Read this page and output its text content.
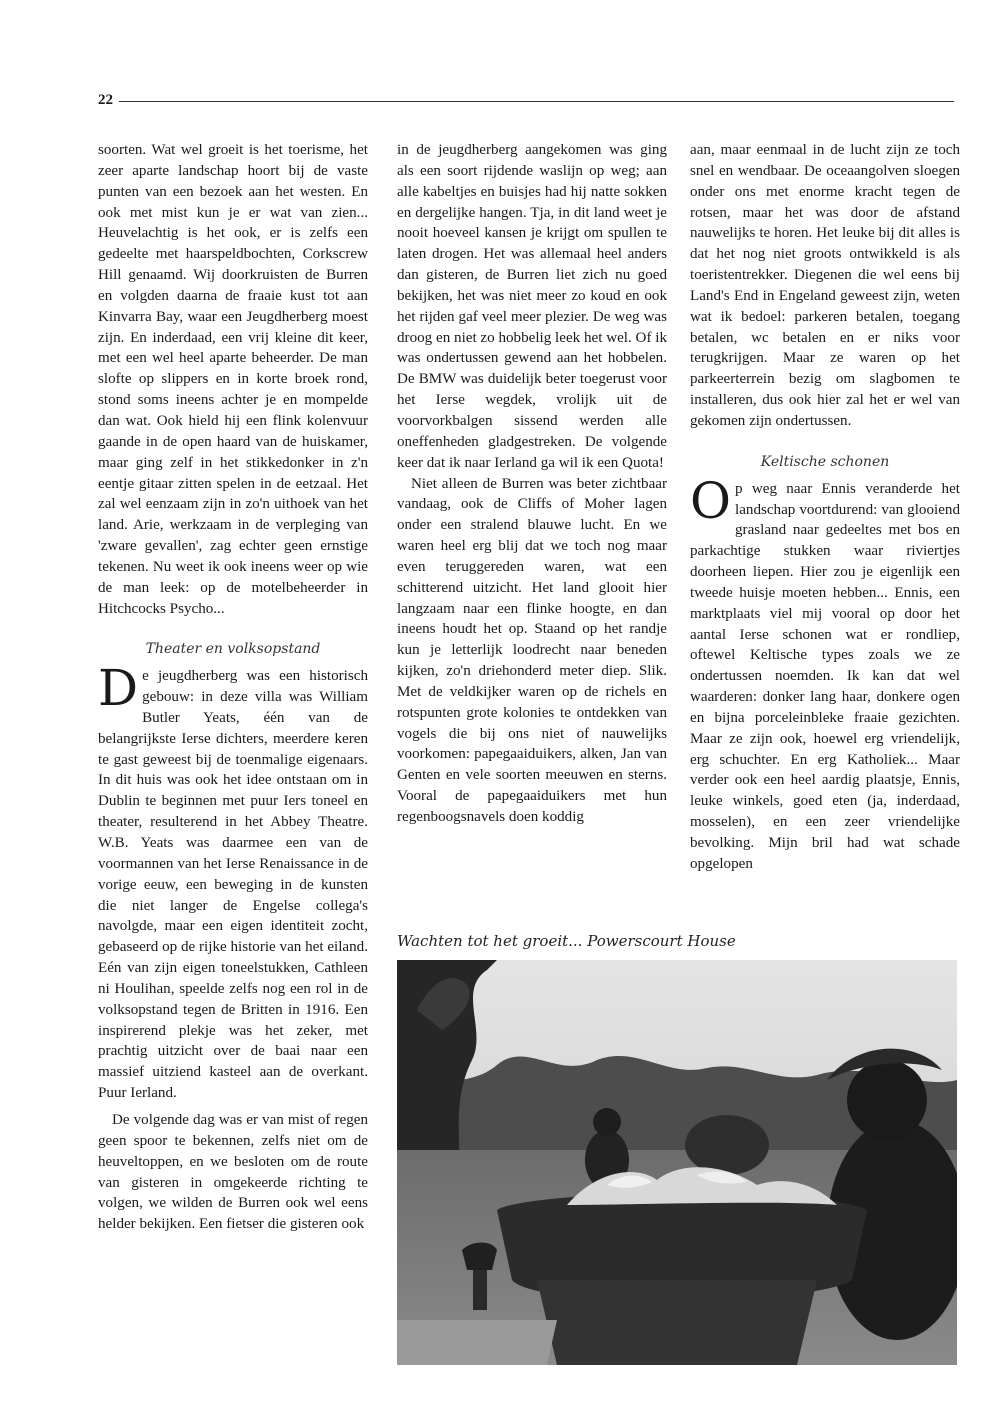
22

soorten. Wat wel groeit is het toerisme, het zeer aparte landschap hoort bij de vaste punten van een bezoek aan het westen. En ook met mist kun je er wat van zien... Heuvelachtig is het ook, er is zelfs een gedeelte met haarspeldbochten, Corkscrew Hill genaamd. Wij doorkruisten de Burren en volgden daarna de fraaie kust tot aan Kinvarra Bay, waar een Jeugdherberg moest zijn. En inderdaad, een vrij kleine dit keer, met een wel heel aparte beheerder. De man slofte op slippers en in korte broek rond, stond soms ineens achter je en mompelde dan wat. Ook hield hij een flink kolenvuur gaande in de open haard van de huiskamer, maar ging zelf in het stikkedonker in z'n eentje gitaar zitten spelen in de eetzaal. Het zal wel eenzaam zijn in zo'n uithoek van het land. Arie, werkzaam in de verpleging van 'zware gevallen', zag echter geen ernstige tekenen. Nu weet ik ook ineens weer op wie de man leek: op de motelbeheerder in Hitchcocks Psycho...

Theater en volksopstand

De jeugdherberg was een historisch gebouw: in deze villa was William Butler Yeats, één van de belangrijkste Ierse dichters, meerdere keren te gast geweest bij de toenmalige eigenaars. In dit huis was ook het idee ontstaan om in Dublin te beginnen met puur Iers toneel en theater, resulterend in het Abbey Theatre. W.B. Yeats was daarmee een van de voormannen van het Ierse Renaissance in de vorige eeuw, een beweging in de kunsten die niet langer de Engelse collega's navolgde, maar een eigen identiteit zocht, gebaseerd op de rijke historie van het eiland. Eén van zijn eigen toneelstukken, Cathleen ni Houlihan, speelde zelfs nog een rol in de volksopstand tegen de Britten in 1916. Een inspirerend plekje was het zeker, met prachtig uitzicht over de baai naar een massief uitziend kasteel aan de overkant. Puur Ierland.

De volgende dag was er van mist of regen geen spoor te bekennen, zelfs niet om de heuveltoppen, en we besloten om de route van gisteren in omgekeerde richting te volgen, we wilden de Burren ook wel eens helder bekijken. Een fietser die gisteren ook

in de jeugdherberg aangekomen was ging als een soort rijdende waslijn op weg; aan alle kabeltjes en buisjes had hij natte sokken en dergelijke hangen. Tja, in dit land weet je nooit hoeveel kansen je krijgt om spullen te laten drogen. Het was allemaal heel anders dan gisteren, de Burren liet zich nu goed bekijken, het was niet meer zo koud en ook het rijden gaf veel meer plezier. De weg was droog en niet zo hobbelig leek het wel. Of ik was ondertussen gewend aan het hobbelen. De BMW was duidelijk beter toegerust voor het Ierse wegdek, vrolijk uit de voorvorkbalgen sissend werden alle oneffenheden gladgestreken. De volgende keer dat ik naar Ierland ga wil ik een Quota!

Niet alleen de Burren was beter zichtbaar vandaag, ook de Cliffs of Moher lagen onder een stralend blauwe lucht. En we waren heel erg blij dat we toch nog maar even teruggereden waren, wat een schitterend uitzicht. Het land glooit hier langzaam naar een flinke hoogte, en dan ineens houdt het op. Staand op het randje kun je letterlijk loodrecht naar beneden kijken, zo'n driehonderd meter diep. Slik. Met de veldkijker waren op de richels en rotspunten grote kolonies te ontdekken van vogels die bij ons niet of nauwelijks voorkomen: papegaaiduikers, alken, Jan van Genten en vele soorten meeuwen en sterns. Vooral de papegaaiduikers met hun regenboogsnavels doen koddig

aan, maar eenmaal in de lucht zijn ze toch snel en wendbaar. De oceaangolven sloegen onder ons met enorme kracht tegen de rotsen, maar het was door de afstand nauwelijks te horen. Het leuke bij dit alles is dat het nog niet groots ontwikkeld is als toeristentrekker. Diegenen die wel eens bij Land's End in Engeland geweest zijn, weten wat ik bedoel: parkeren betalen, toegang betalen, wc betalen en er niks voor terugkrijgen. Maar ze waren op het parkeerterrein bezig om slagbomen te installeren, dus ook hier zal het er wel van gekomen zijn ondertussen.

Keltische schonen

Op weg naar Ennis veranderde het landschap voortdurend: van glooiend grasland naar gedeeltes met bos en parkachtige stukken waar riviertjes doorheen liepen. Hier zou je eigenlijk een tweede huisje moeten hebben... Ennis, een marktplaats viel mij vooral op door het aantal Ierse schonen wat er rondliep, oftewel Keltische types zoals we ze ondertussen noemden. Ik kan dat wel waarderen: donker lang haar, donkere ogen en bijna porceleinbleke fraaie gezichten. Maar ze zijn ook, hoewel erg vriendelijk, erg schuchter. En erg Katholiek... Maar verder ook een heel aardig plaatsje, Ennis, leuke winkels, goed eten (ja, inderdaad, mosselen), en een zeer vriendelijke bevolking. Mijn bril had wat schade opgelopen

Wachten tot het groeit... Powerscourt House
